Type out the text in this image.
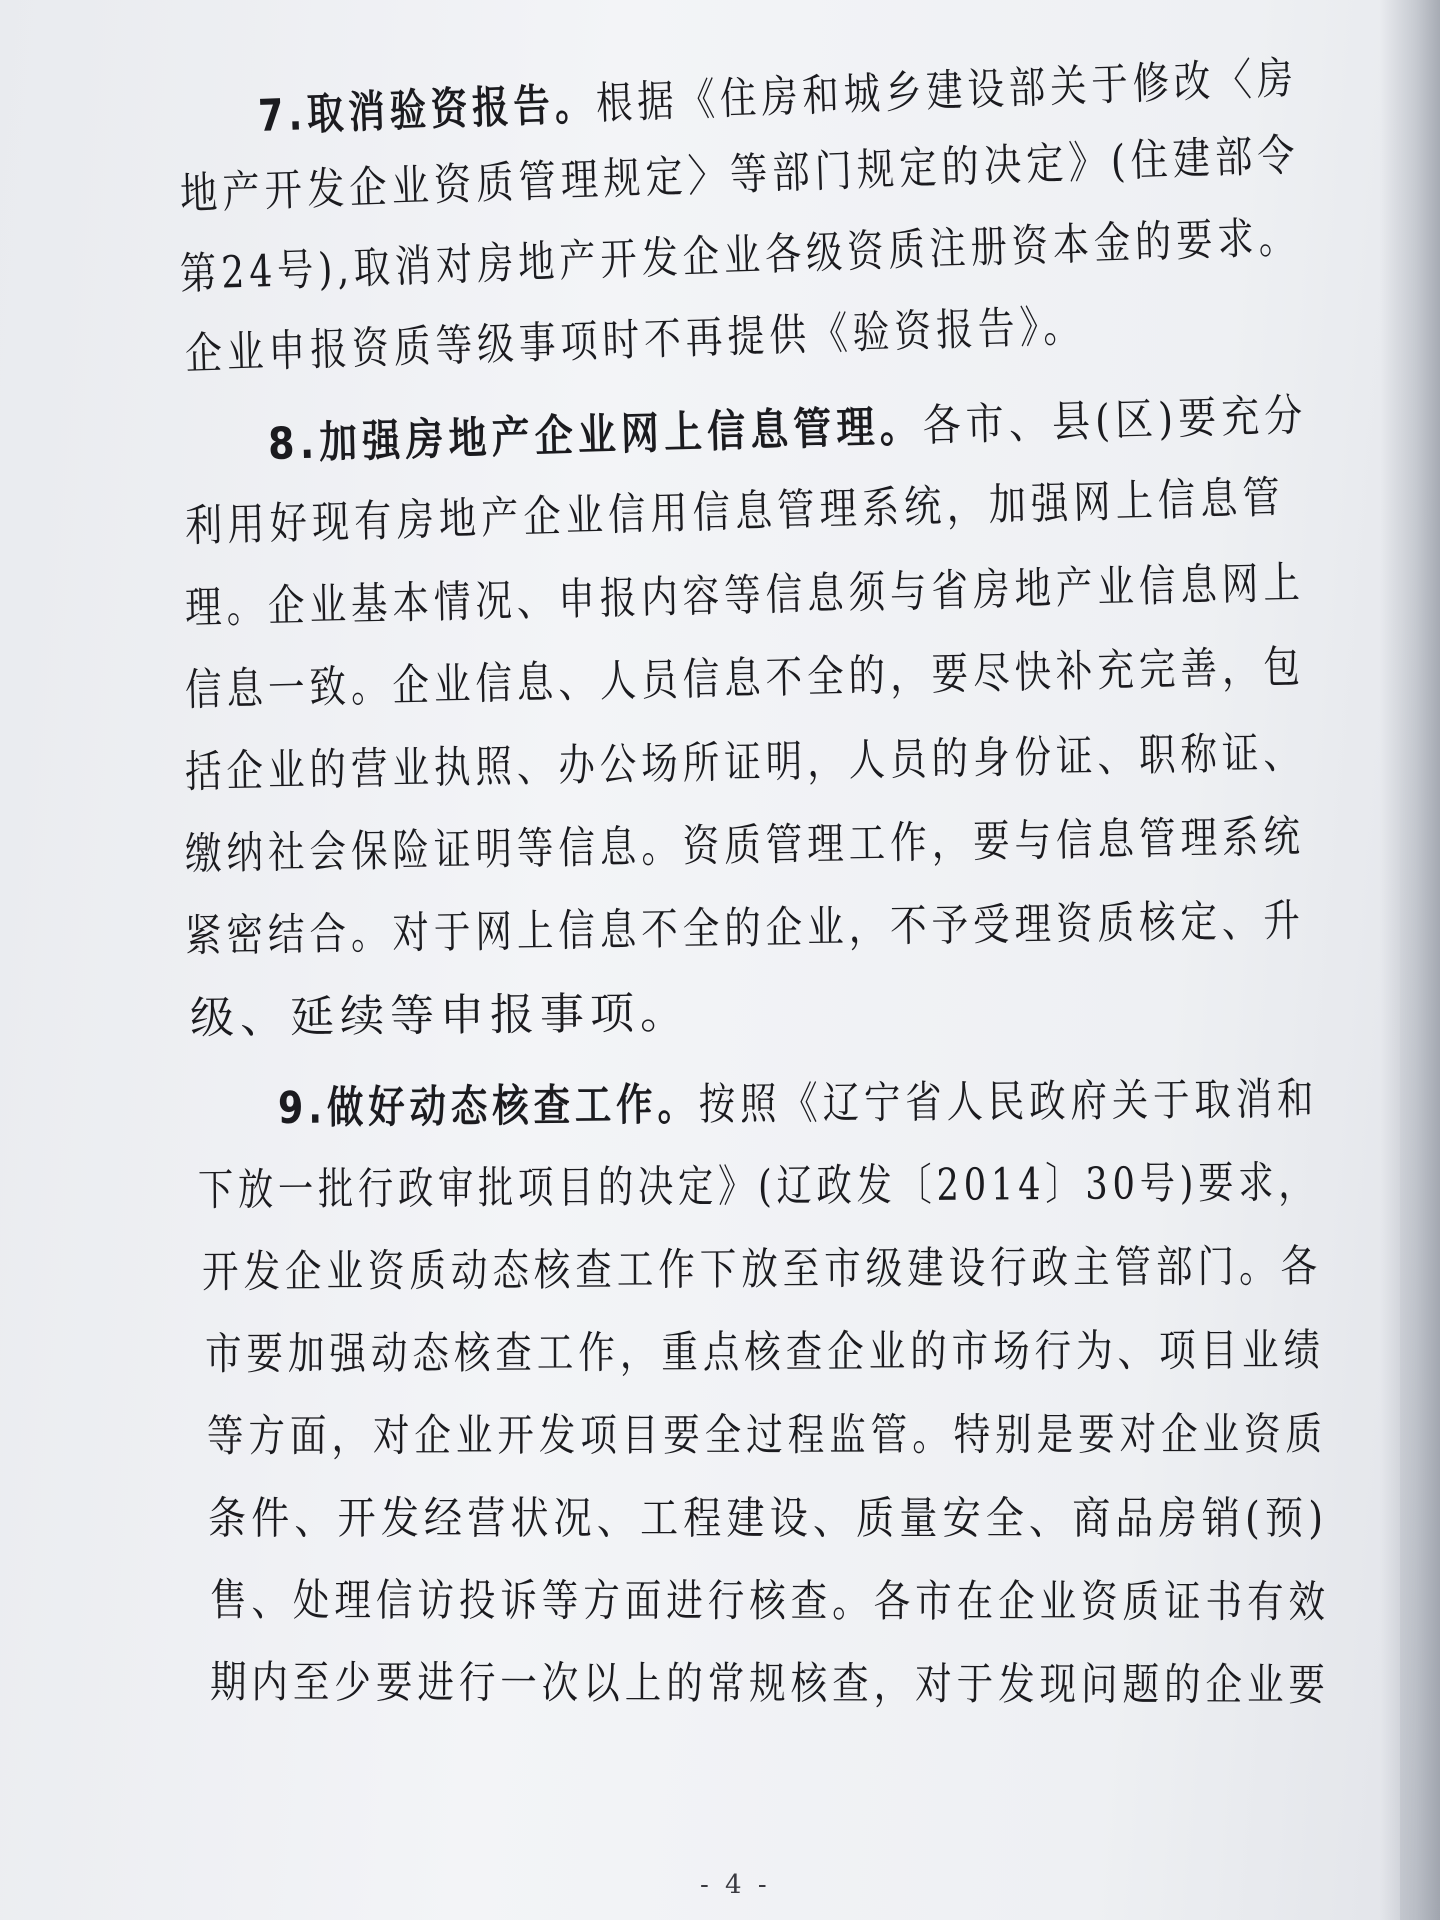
7.取消验资报告。根据《住房和城乡建设部关于修改〈房
地产开发企业资质管理规定〉等部门规定的决定》(住建部令
第24号),取消对房地产开发企业各级资质注册资本金的要求。
企业申报资质等级事项时不再提供《验资报告》。
8.加强房地产企业网上信息管理。各市、县(区)要充分
利用好现有房地产企业信用信息管理系统，加强网上信息管
理。企业基本情况、申报内容等信息须与省房地产业信息网上
信息一致。企业信息、人员信息不全的，要尽快补充完善，包
括企业的营业执照、办公场所证明，人员的身份证、职称证、
缴纳社会保险证明等信息。资质管理工作，要与信息管理系统
紧密结合。对于网上信息不全的企业，不予受理资质核定、升
级、延续等申报事项。
9.做好动态核查工作。按照《辽宁省人民政府关于取消和
下放一批行政审批项目的决定》(辽政发〔2014〕30号)要求，
开发企业资质动态核查工作下放至市级建设行政主管部门。各
市要加强动态核查工作，重点核查企业的市场行为、项目业绩
等方面，对企业开发项目要全过程监管。特别是要对企业资质
条件、开发经营状况、工程建设、质量安全、商品房销(预)
售、处理信访投诉等方面进行核查。各市在企业资质证书有效
期内至少要进行一次以上的常规核查，对于发现问题的企业要
- 4 -
